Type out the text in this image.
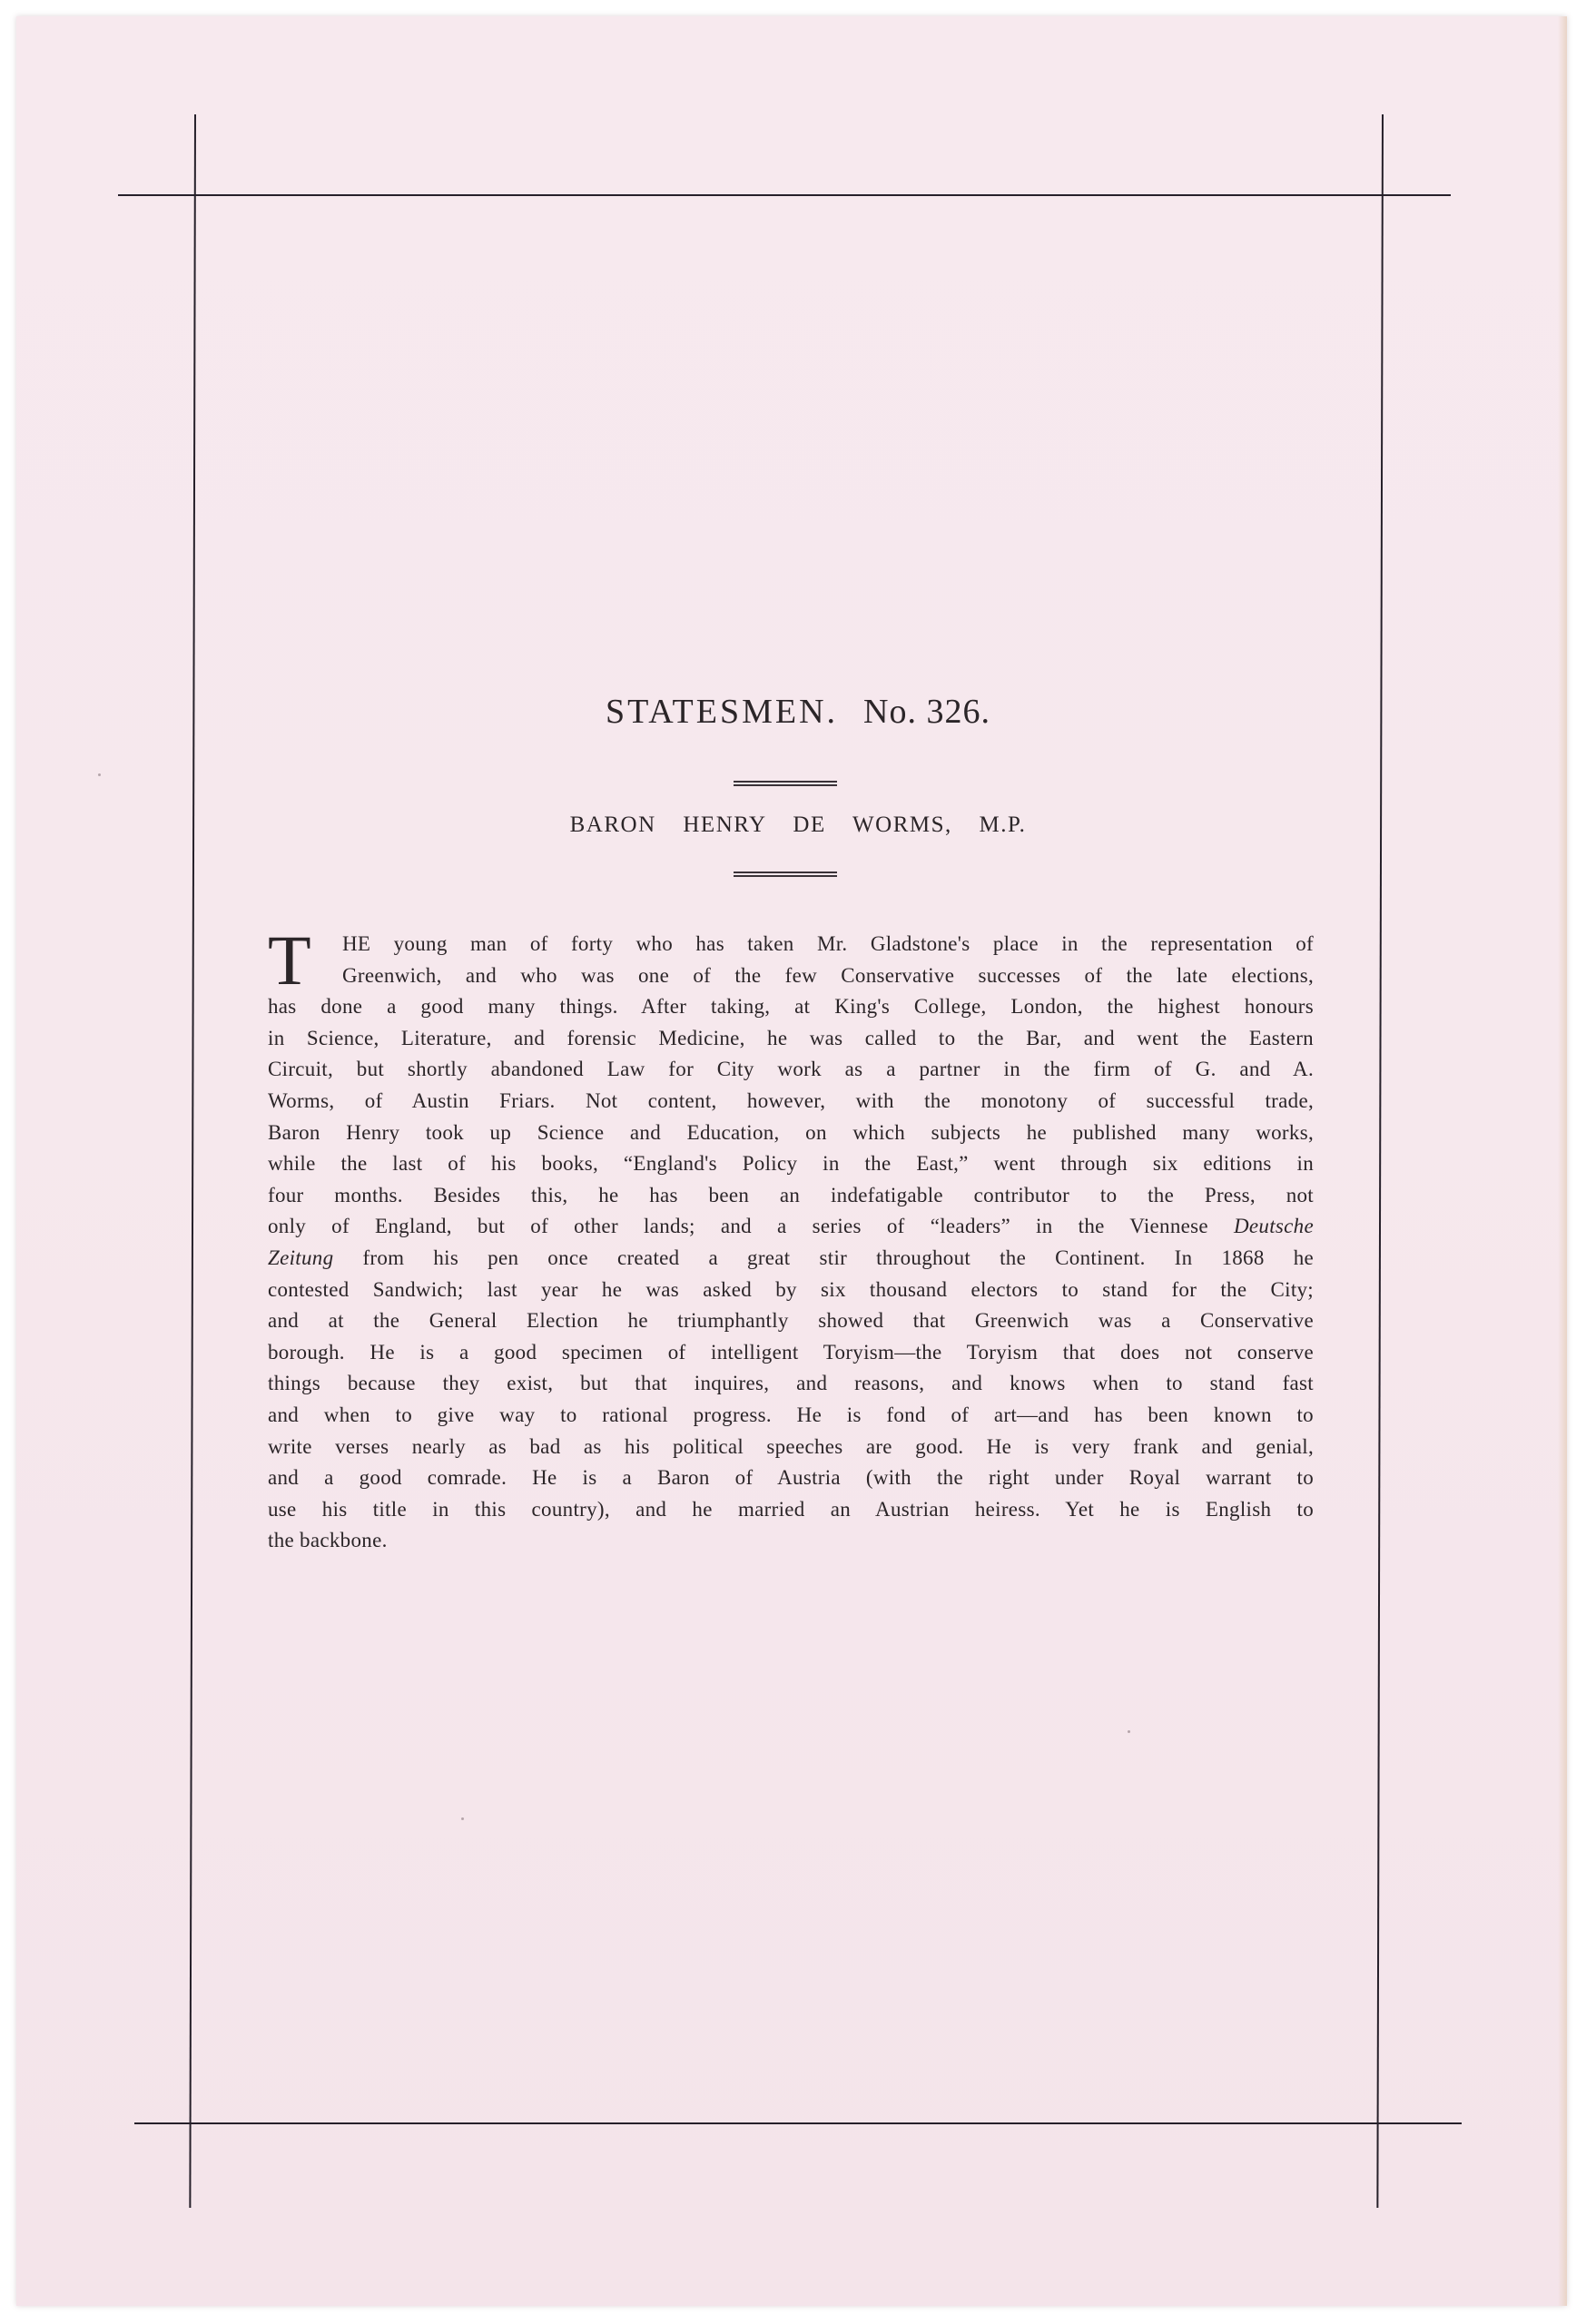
STATESMEN. No. 326.
BARON HENRY DE WORMS, M.P.
T	HE young man of forty who has taken Mr. Gladstone's place in the representation of
Greenwich, and who was one of the few Conservative successes of the late elections,
has done a good many things. After taking, at King's College, London, the highest honours
in Science, Literature, and forensic Medicine, he was called to the Bar, and went the Eastern
Circuit, but shortly abandoned Law for City work as a partner in the firm of G. and A.
Worms, of Austin Friars. Not content, however, with the monotony of successful trade,
Baron Henry took up Science and Education, on which subjects he published many works,
while the last of his books, “England's Policy in the East,” went through six editions in
four months. Besides this, he has been an indefatigable contributor to the Press, not
only of England, but of other lands; and a series of “leaders” in the Viennese Deutsche
Zeitung from his pen once created a great stir throughout the Continent. In 1868 he
contested Sandwich; last year he was asked by six thousand electors to stand for the City;
and at the General Election he triumphantly showed that Greenwich was a Conservative
borough. He is a good specimen of intelligent Toryism—the Toryism that does not conserve
things because they exist, but that inquires, and reasons, and knows when to stand fast
and when to give way to rational progress. He is fond of art—and has been known to
write verses nearly as bad as his political speeches are good. He is very frank and genial,
and a good comrade. He is a Baron of Austria (with the right under Royal warrant to
use his title in this country), and he married an Austrian heiress. Yet he is English to
the backbone.
